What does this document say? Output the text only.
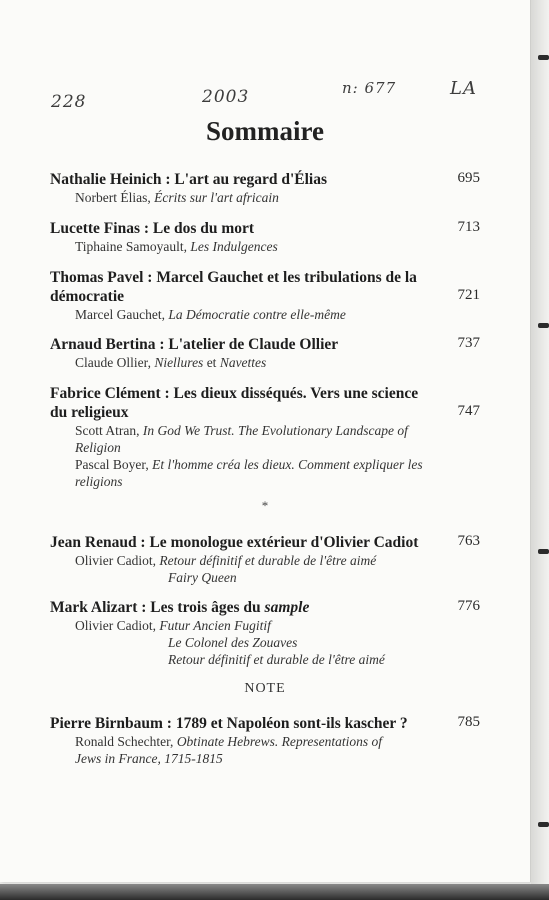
228	2003	n: 677	LA
Sommaire
Nathalie Heinich : L'art au regard d'Élias	695
Norbert Élias, Écrits sur l'art africain
Lucette Finas : Le dos du mort	713
Tiphaine Samoyault, Les Indulgences
Thomas Pavel : Marcel Gauchet et les tribulations de la
démocratie	721
Marcel Gauchet, La Démocratie contre elle-même
Arnaud Bertina : L'atelier de Claude Ollier	737
Claude Ollier, Niellures et Navettes
Fabrice Clément : Les dieux disséqués. Vers une science
du religieux	747
Scott Atran, In God We Trust. The Evolutionary Landscape of
Religion
Pascal Boyer, Et l'homme créa les dieux. Comment expliquer les
religions
*
Jean Renaud : Le monologue extérieur d'Olivier Cadiot	763
Olivier Cadiot, Retour définitif et durable de l'être aimé
Fairy Queen
Mark Alizart : Les trois âges du sample	776
Olivier Cadiot, Futur Ancien Fugitif
Le Colonel des Zouaves
Retour définitif et durable de l'être aimé
NOTE
Pierre Birnbaum : 1789 et Napoléon sont-ils kascher ?	785
Ronald Schechter, Obtinate Hebrews. Representations of
Jews in France, 1715-1815
